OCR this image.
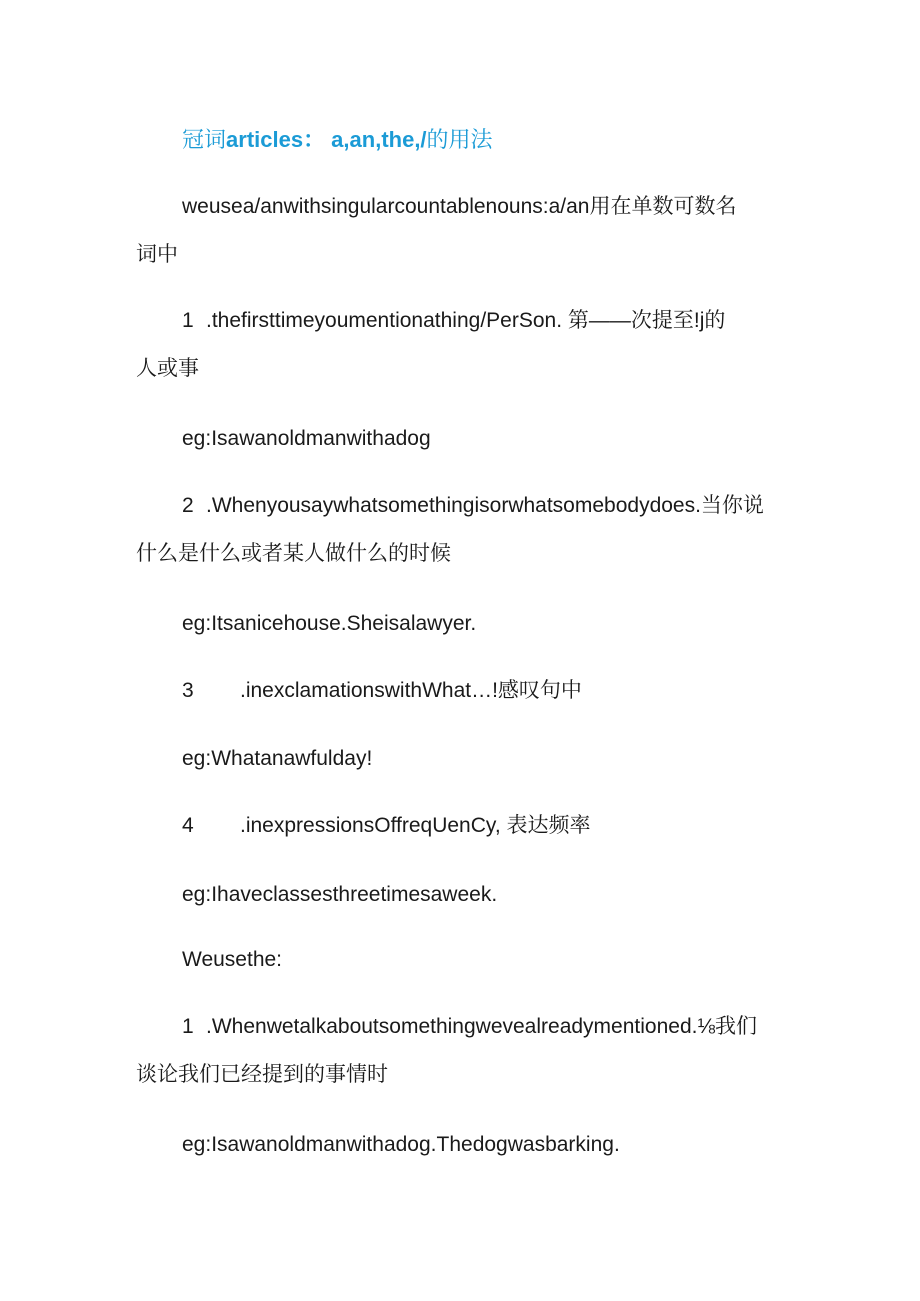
冠词articles： a,an,the,/的用法
weusea/anwithsingularcountablenouns:a/an用在单数可数名
词中
1 .thefirsttimeyoumentionathing/PerSon. 第——次提至!j的
人或事
eg:Isawanoldmanwithadog
2 .Whenyousaywhatsomethingisorwhatsomebodydoes.当你说
什么是什么或者某人做什么的时候
eg:Itsanicehouse.Sheisalawyer.
3 .inexclamationswithWhat…!感叹句中
eg:Whatanawfulday!
4 .inexpressionsOffreqUenCy, 表达频率
eg:Ihaveclassesthreetimesaweek.
Weusethe:
1 .Whenwetalkaboutsomethingwevealreadymentioned.⅛我们
谈论我们已经提到的事情时
eg:Isawanoldmanwithadog.Thedogwasbarking.
